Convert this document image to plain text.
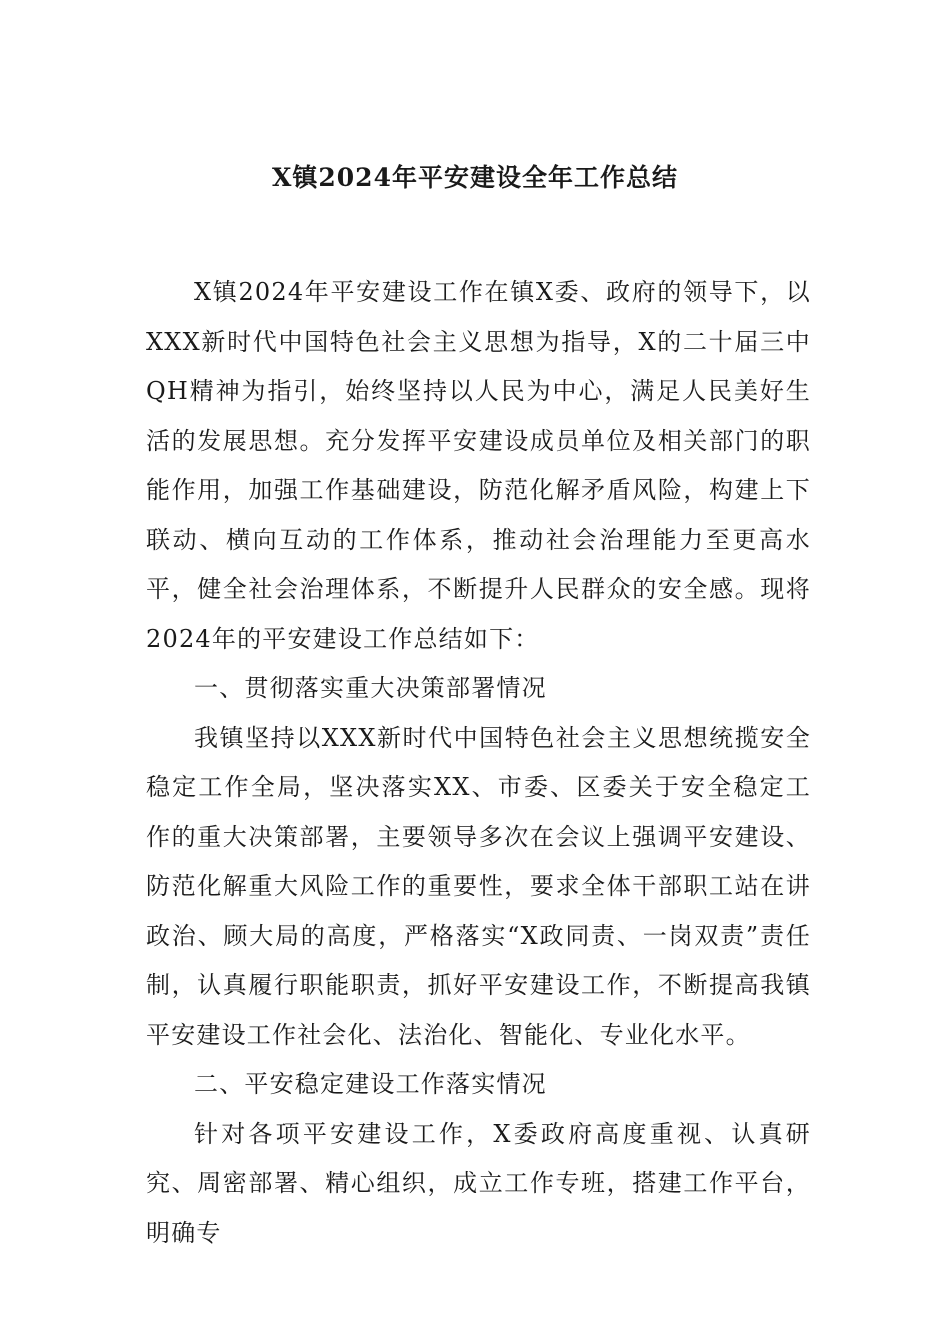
X镇2024年平安建设全年工作总结

X镇2024年平安建设工作在镇X委、政府的领导下，以XXX新时代中国特色社会主义思想为指导，X的二十届三中QH精神为指引，始终坚持以人民为中心，满足人民美好生活的发展思想。充分发挥平安建设成员单位及相关部门的职能作用，加强工作基础建设，防范化解矛盾风险，构建上下联动、横向互动的工作体系，推动社会治理能力至更高水平，健全社会治理体系，不断提升人民群众的安全感。现将2024年的平安建设工作总结如下：

一、贯彻落实重大决策部署情况

我镇坚持以XXX新时代中国特色社会主义思想统揽安全稳定工作全局，坚决落实XX、市委、区委关于安全稳定工作的重大决策部署，主要领导多次在会议上强调平安建设、防范化解重大风险工作的重要性，要求全体干部职工站在讲政治、顾大局的高度，严格落实“X政同责、一岗双责”责任制，认真履行职能职责，抓好平安建设工作，不断提高我镇平安建设工作社会化、法治化、智能化、专业化水平。

二、平安稳定建设工作落实情况

针对各项平安建设工作，X委政府高度重视、认真研究、周密部署、精心组织，成立工作专班，搭建工作平台，明确专
